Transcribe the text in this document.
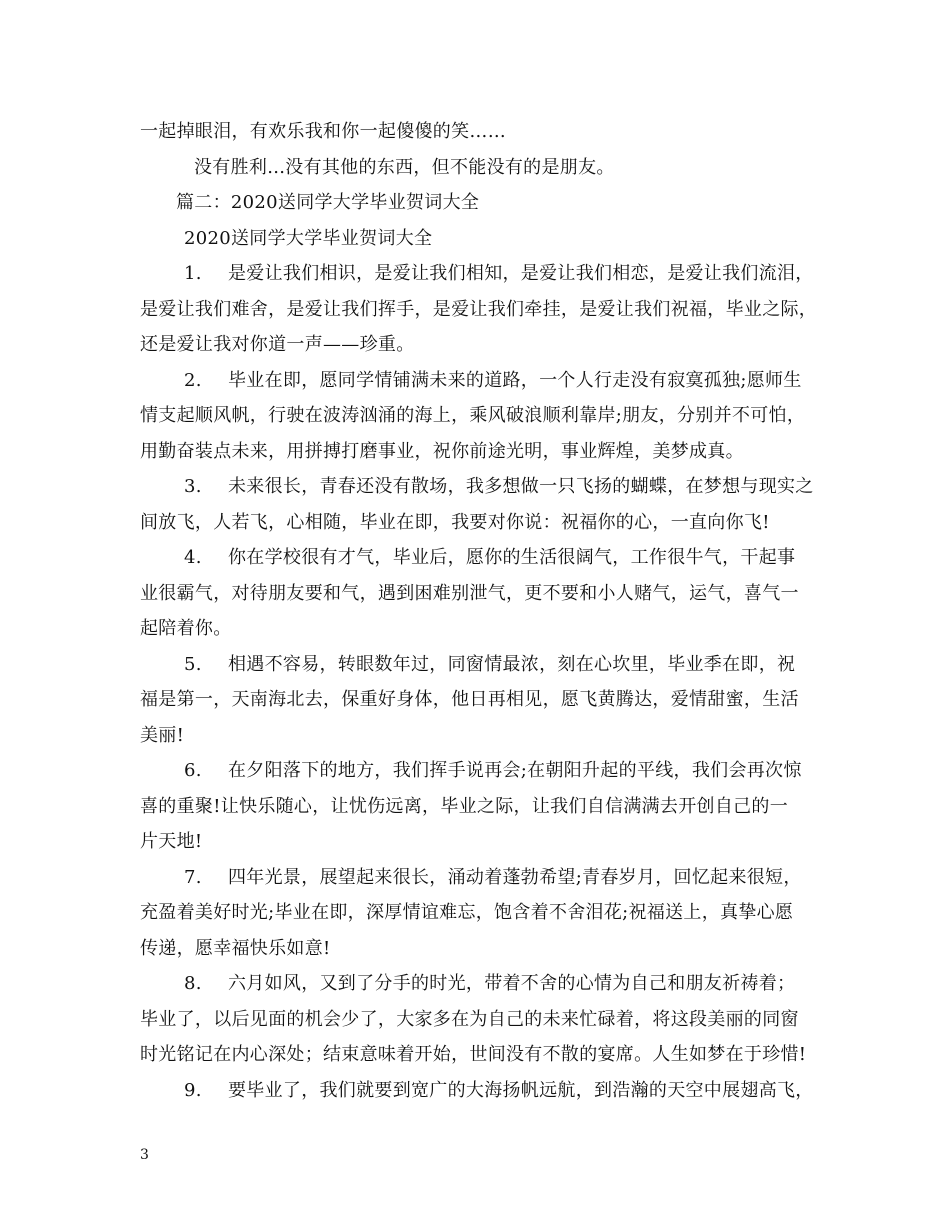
一起掉眼泪，有欢乐我和你一起傻傻的笑……
没有胜利...没有其他的东西，但不能没有的是朋友。
篇二：2020送同学大学毕业贺词大全
2020送同学大学毕业贺词大全
1. 是爱让我们相识，是爱让我们相知，是爱让我们相恋，是爱让我们流泪，
是爱让我们难舍，是爱让我们挥手，是爱让我们牵挂，是爱让我们祝福，毕业之际，
还是爱让我对你道一声——珍重。
2. 毕业在即，愿同学情铺满未来的道路，一个人行走没有寂寞孤独;愿师生
情支起顺风帆，行驶在波涛汹涌的海上，乘风破浪顺利靠岸;朋友，分别并不可怕，
用勤奋装点未来，用拼搏打磨事业，祝你前途光明，事业辉煌，美梦成真。
3. 未来很长，青春还没有散场，我多想做一只飞扬的蝴蝶，在梦想与现实之
间放飞，人若飞，心相随，毕业在即，我要对你说：祝福你的心，一直向你飞!
4. 你在学校很有才气，毕业后，愿你的生活很阔气，工作很牛气，干起事
业很霸气，对待朋友要和气，遇到困难别泄气，更不要和小人赌气，运气，喜气一
起陪着你。
5. 相遇不容易，转眼数年过，同窗情最浓，刻在心坎里，毕业季在即，祝
福是第一，天南海北去，保重好身体，他日再相见，愿飞黄腾达，爱情甜蜜，生活
美丽!
6. 在夕阳落下的地方，我们挥手说再会;在朝阳升起的平线，我们会再次惊
喜的重聚!让快乐随心，让忧伤远离，毕业之际，让我们自信满满去开创自己的一
片天地!
7. 四年光景，展望起来很长，涌动着蓬勃希望;青春岁月，回忆起来很短，
充盈着美好时光;毕业在即，深厚情谊难忘，饱含着不舍泪花;祝福送上，真挚心愿
传递，愿幸福快乐如意!
8. 六月如风，又到了分手的时光，带着不舍的心情为自己和朋友祈祷着；
毕业了，以后见面的机会少了，大家多在为自己的未来忙碌着，将这段美丽的同窗
时光铭记在内心深处；结束意味着开始，世间没有不散的宴席。人生如梦在于珍惜!
9. 要毕业了，我们就要到宽广的大海扬帆远航，到浩瀚的天空中展翅高飞，
3
